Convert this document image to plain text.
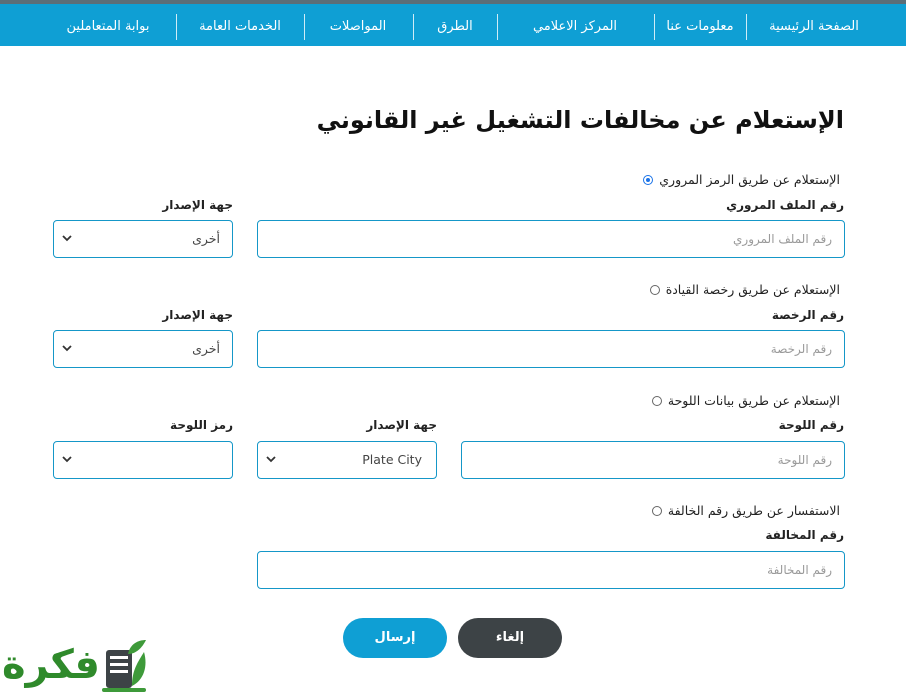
الصفحة الرئيسية
معلومات عنا
المركز الاعلامي
الطرق
المواصلات
الخدمات العامة
بوابة المتعاملين
الإستعلام عن مخالفات التشغيل غير القانوني
الإستعلام عن طريق الرمز المروري
رقم الملف المروري
جهة الإصدار
رقم الملف المروري
أخرى
الإستعلام عن طريق رخصة القيادة
رقم الرخصة
جهة الإصدار
رقم الرخصة
أخرى
الإستعلام عن طريق بيانات اللوحة
رقم اللوحة
جهة الإصدار
رمز اللوحة
رقم اللوحة
Plate City
الاستفسار عن طريق رقم الخالفة
رقم المخالفة
رقم المخالفة
إرسال	إلغاء
فكرة
